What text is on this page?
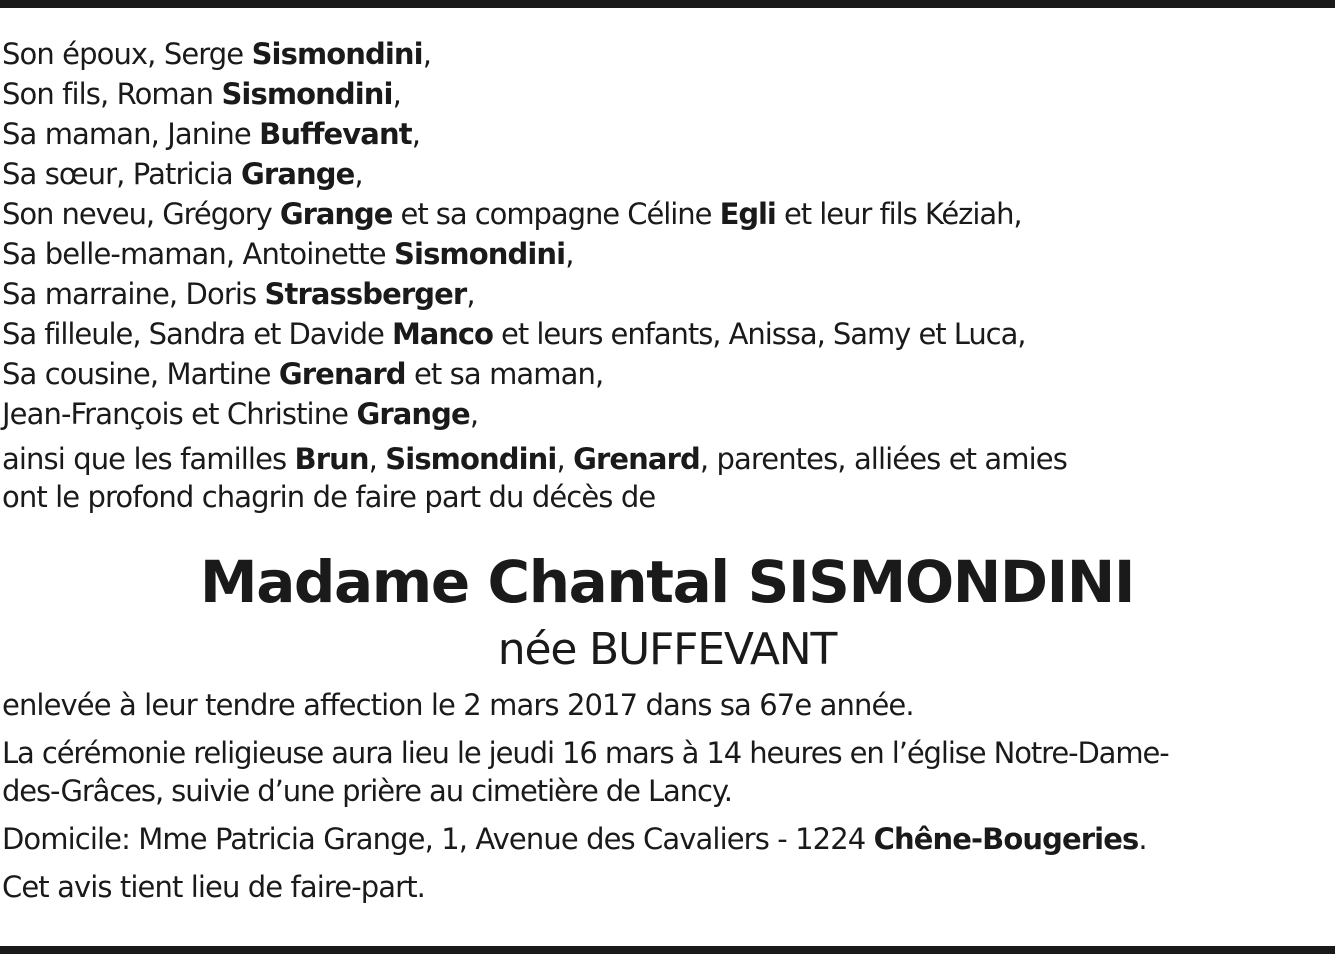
Son époux, Serge Sismondini,
Son fils, Roman Sismondini,
Sa maman, Janine Buffevant,
Sa sœur, Patricia Grange,
Son neveu, Grégory Grange et sa compagne Céline Egli et leur fils Kéziah,
Sa belle-maman, Antoinette Sismondini,
Sa marraine, Doris Strassberger,
Sa filleule, Sandra et Davide Manco et leurs enfants, Anissa, Samy et Luca,
Sa cousine, Martine Grenard et sa maman,
Jean-François et Christine Grange,
ainsi que les familles Brun, Sismondini, Grenard, parentes, alliées et amies
ont le profond chagrin de faire part du décès de
Madame Chantal SISMONDINI
née BUFFEVANT
enlevée à leur tendre affection le 2 mars 2017 dans sa 67e année.
La cérémonie religieuse aura lieu le jeudi 16 mars à 14 heures en l’église Notre-Dame-
des-Grâces, suivie d’une prière au cimetière de Lancy.
Domicile: Mme Patricia Grange, 1, Avenue des Cavaliers - 1224 Chêne-Bougeries.
Cet avis tient lieu de faire-part.
